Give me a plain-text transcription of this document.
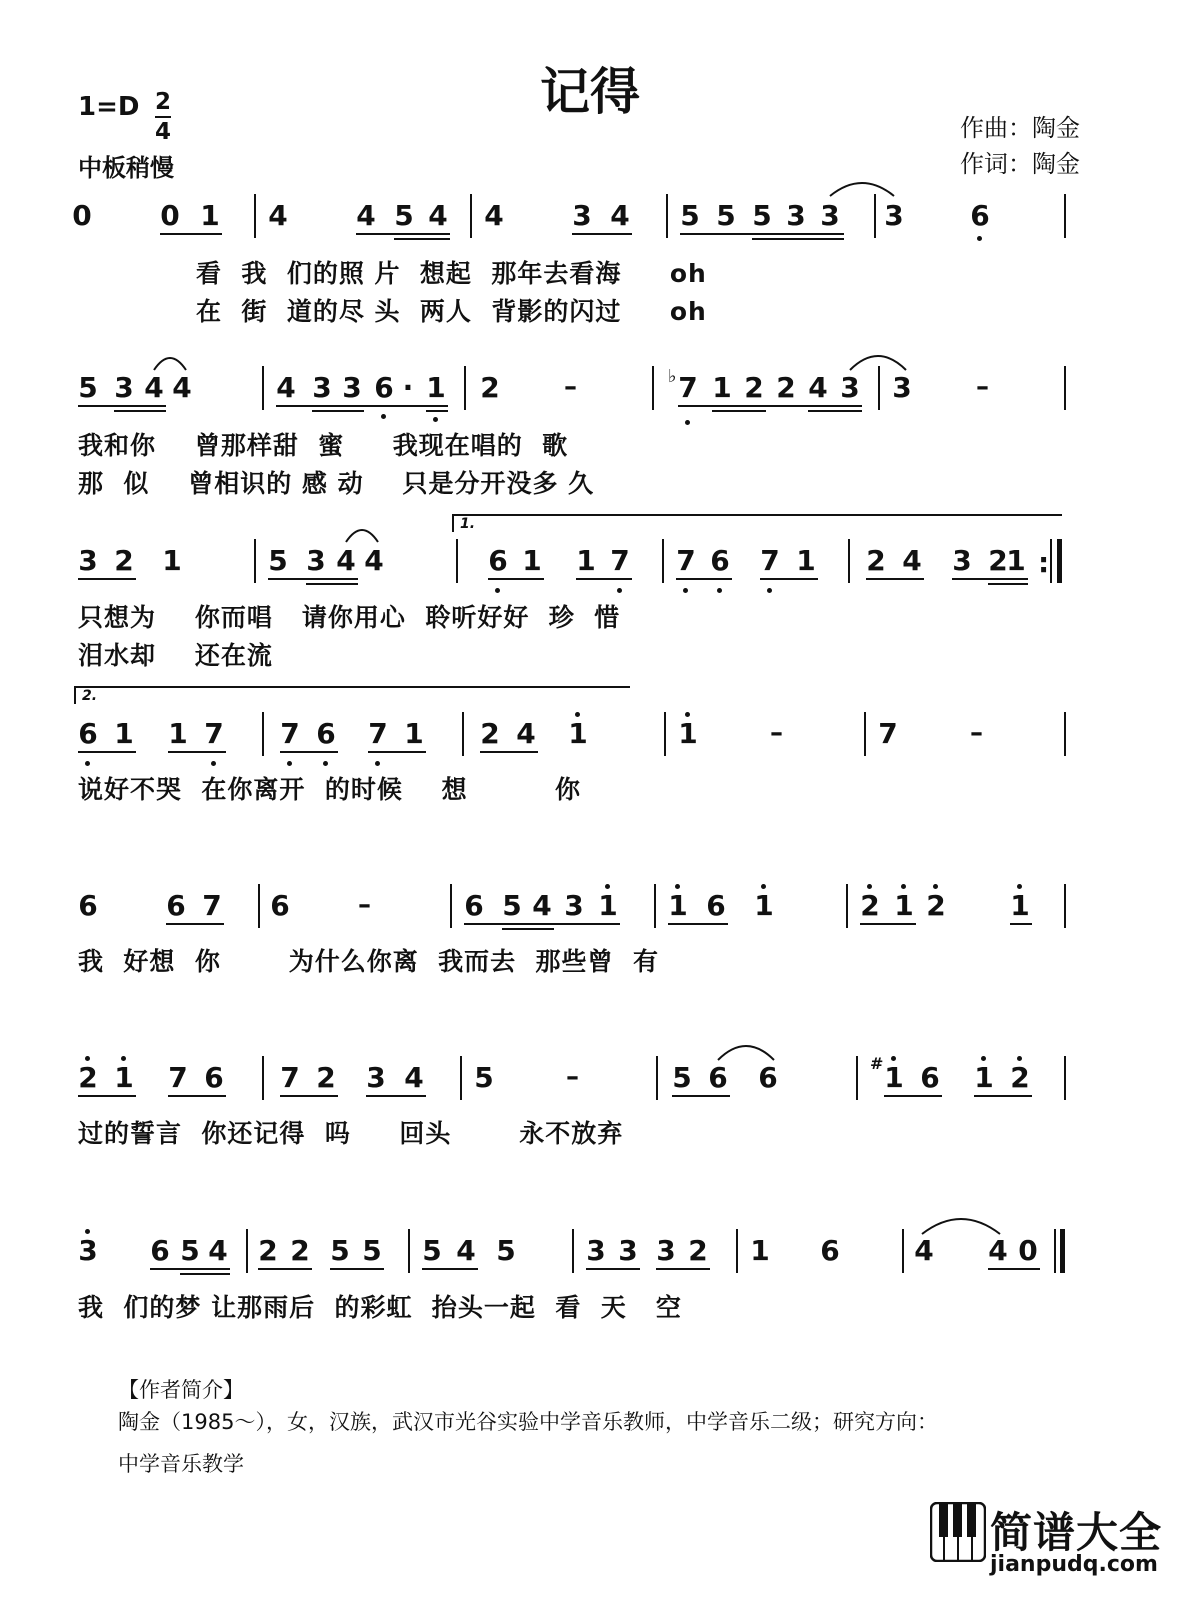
记得
1=D 2
4
中板稍慢
作曲：陶金
作词：陶金
0 0 1 4 4 5 4 4 3 4 5 5 5 3 3 3 6
看  我  们的照 片  想起  那年去看海     oh
在  街  道的尽 头  两人  背影的闪过     oh
5 3 4 4	4 3 3 6 · 1 2 –	♭ 7 1 2 2 4 3 3 –
我和你    曾那样甜  蜜     我现在唱的  歌
那  似    曾相识的 感 动    只是分开没多 久
1.
3 2 1	5 3 4 4	6 1 1 7 7 6 7 1 2 4 3 2
1 :
只想为    你而唱   请你用心  聆听好好  珍  惜
泪水却    还在流
2.
6 1 1 7 7 6 7 1 2 4 1	1	–	7	–
说好不哭  在你离开  的时候    想         你
6 6 7 6	–	6 5 4 3 1 1 6 1	2 1 2 1
我  好想  你       为什么你离  我而去  那些曾  有
2 1 7 6 7 2 3 4 5	–	5 6 6	# 1 6 1 2
过的誓言  你还记得  吗     回头       永不放弃
3 6 5 4 2 2 5 5 5 4 5	3 3 3 2 1 6	4 4 0
我  们的梦 让那雨后  的彩虹  抬头一起  看  天   空
【作者简介】
陶金（1985～），女，汉族，武汉市光谷实验中学音乐教师，中学音乐二级；研究方向：
中学音乐教学
简谱大全
jianpudq.com
